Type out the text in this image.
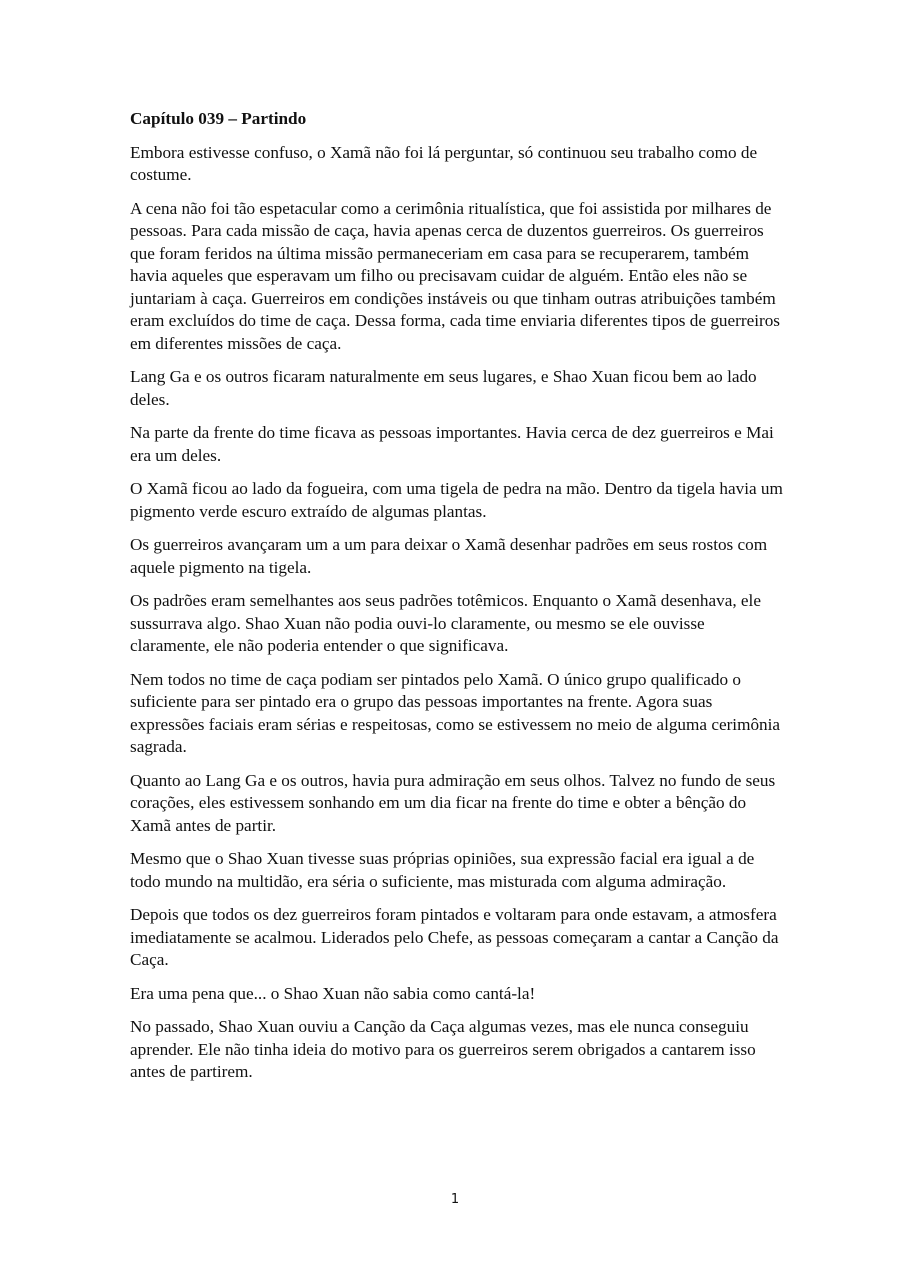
Capítulo 039 – Partindo

Embora estivesse confuso, o Xamã não foi lá perguntar, só continuou seu trabalho como de costume.

A cena não foi tão espetacular como a cerimônia ritualística, que foi assistida por milhares de pessoas. Para cada missão de caça, havia apenas cerca de duzentos guerreiros. Os guerreiros que foram feridos na última missão permaneceriam em casa para se recuperarem, também havia aqueles que esperavam um filho ou precisavam cuidar de alguém. Então eles não se juntariam à caça. Guerreiros em condições instáveis ou que tinham outras atribuições também eram excluídos do time de caça. Dessa forma, cada time enviaria diferentes tipos de guerreiros em diferentes missões de caça.

Lang Ga e os outros ficaram naturalmente em seus lugares, e Shao Xuan ficou bem ao lado deles.

Na parte da frente do time ficava as pessoas importantes. Havia cerca de dez guerreiros e Mai era um deles.

O Xamã ficou ao lado da fogueira, com uma tigela de pedra na mão. Dentro da tigela havia um pigmento verde escuro extraído de algumas plantas.

Os guerreiros avançaram um a um para deixar o Xamã desenhar padrões em seus rostos com aquele pigmento na tigela.

Os padrões eram semelhantes aos seus padrões totêmicos. Enquanto o Xamã desenhava, ele sussurrava algo. Shao Xuan não podia ouvi-lo claramente, ou mesmo se ele ouvisse claramente, ele não poderia entender o que significava.

Nem todos no time de caça podiam ser pintados pelo Xamã. O único grupo qualificado o suficiente para ser pintado era o grupo das pessoas importantes na frente. Agora suas expressões faciais eram sérias e respeitosas, como se estivessem no meio de alguma cerimônia sagrada.

Quanto ao Lang Ga e os outros, havia pura admiração em seus olhos. Talvez no fundo de seus corações, eles estivessem sonhando em um dia ficar na frente do time e obter a bênção do Xamã antes de partir.

Mesmo que o Shao Xuan tivesse suas próprias opiniões, sua expressão facial era igual a de todo mundo na multidão, era séria o suficiente, mas misturada com alguma admiração.

Depois que todos os dez guerreiros foram pintados e voltaram para onde estavam, a atmosfera imediatamente se acalmou. Liderados pelo Chefe, as pessoas começaram a cantar a Canção da Caça.

Era uma pena que... o Shao Xuan não sabia como cantá-la!

No passado, Shao Xuan ouviu a Canção da Caça algumas vezes, mas ele nunca conseguiu aprender. Ele não tinha ideia do motivo para os guerreiros serem obrigados a cantarem isso antes de partirem.

1
